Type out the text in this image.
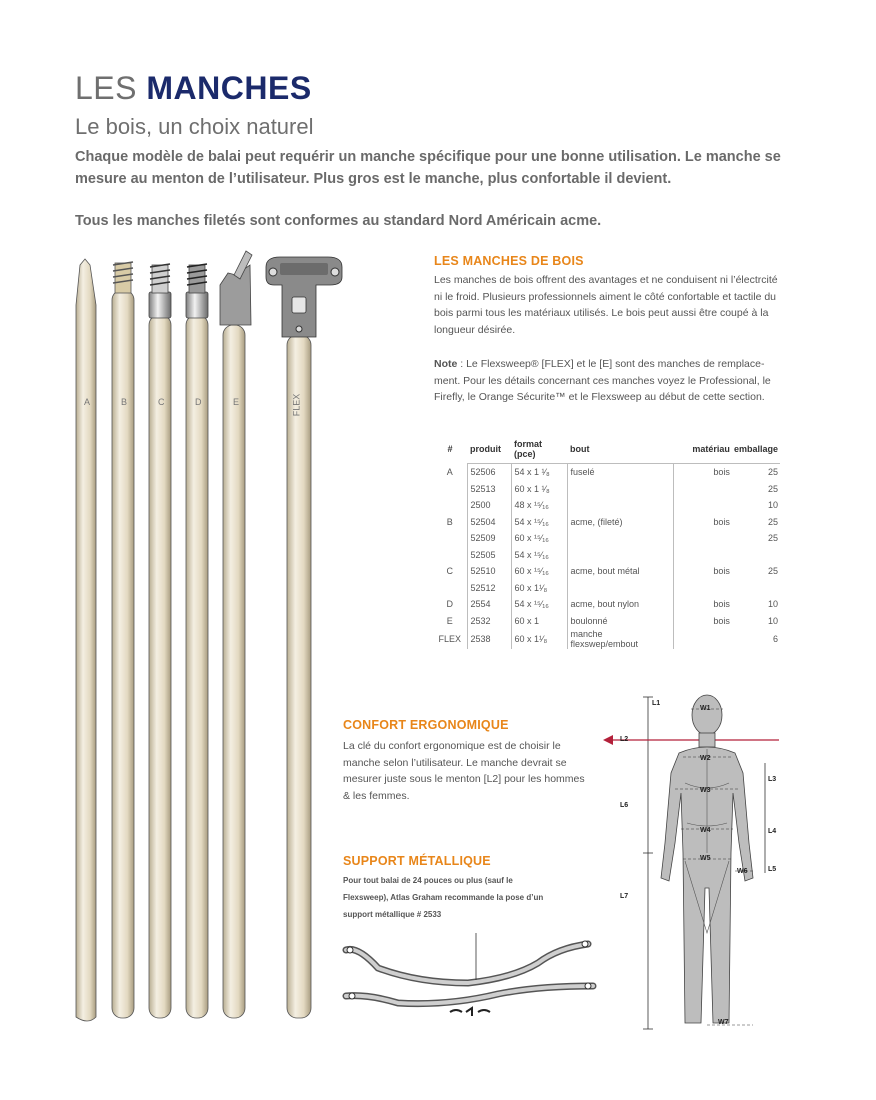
LES MANCHES
Le bois, un choix naturel
Chaque modèle de balai peut requérir un manche spécifique pour une bonne utilisation. Le manche se mesure au menton de l’utilisateur. Plus gros est le manche, plus confortable il devient.
Tous les manches filetés sont conformes au standard Nord Américain acme.
A	B	C	D	E	FLEX
LES MANCHES DE BOIS
Les manches de bois offrent des avantages et ne conduisent ni l’électrcité ni le froid. Plusieurs professionnels aiment le côté confortable et tactile du bois parmi tous les matériaux utilisés. Le bois peut aussi être coupé à la longueur désirée.
Note : Le Flexsweep® [FLEX] et le [E] sont des manches de remplace-ment. Pour les détails concernant ces manches voyez le Professional, le Firefly, le Orange Sécurite™ et le Flexsweep au début de cette section.
#	produit	format (pce)	bout	matériau	emballage
A	52506	54 x 1 ¹⁄₈	fuselé	bois	25
	52513	60 x 1 ¹⁄₈			25
	2500	48 x ¹⁵⁄₁₆			10
B	52504	54 x ¹⁵⁄₁₆	acme, (fileté)	bois	25
	52509	60 x ¹⁵⁄₁₆			25
	52505	54 x ¹⁵⁄₁₆			
C	52510	60 x ¹⁵⁄₁₆	acme, bout métal	bois	25
	52512	60 x 1¹⁄₈			
D	2554	54 x ¹⁵⁄₁₆	acme, bout nylon	bois	10
E	2532	60 x 1	boulonné	bois	10
FLEX	2538	60 x 1¹⁄₈	manche flexswep/embout		6
CONFORT ERGONOMIQUE
La clé du confort ergonomique est de choisir le manche selon l’utilisateur. Le manche devrait se mesurer juste sous le menton [L2] pour les hommes & les femmes.
SUPPORT MÉTALLIQUE
Pour tout balai de 24 pouces ou plus (sauf le Flexsweep), Atlas Graham recommande la pose d’un support métallique # 2533
L1
L2
L3
L4
L5
L6
L7
W1
W2
W3
W4
W5
W6
W7
